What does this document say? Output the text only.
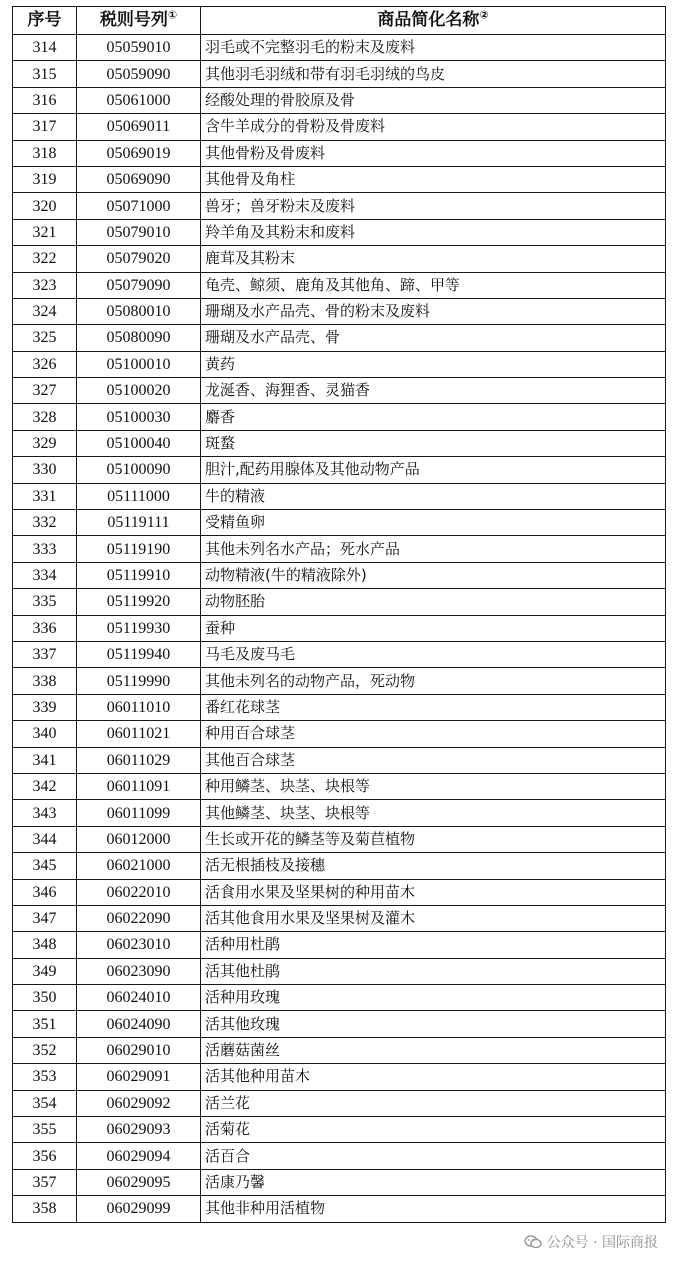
序号	税则号列①	商品简化名称②
314	05059010	羽毛或不完整羽毛的粉末及废料
315	05059090	其他羽毛羽绒和带有羽毛羽绒的鸟皮
316	05061000	经酸处理的骨胶原及骨
317	05069011	含牛羊成分的骨粉及骨废料
318	05069019	其他骨粉及骨废料
319	05069090	其他骨及角柱
320	05071000	兽牙；兽牙粉末及废料
321	05079010	羚羊角及其粉末和废料
322	05079020	鹿茸及其粉末
323	05079090	龟壳、鲸须、鹿角及其他角、蹄、甲等
324	05080010	珊瑚及水产品壳、骨的粉末及废料
325	05080090	珊瑚及水产品壳、骨
326	05100010	黄药
327	05100020	龙涎香、海狸香、灵猫香
328	05100030	麝香
329	05100040	斑蝥
330	05100090	胆汁,配药用腺体及其他动物产品
331	05111000	牛的精液
332	05119111	受精鱼卵
333	05119190	其他未列名水产品；死水产品
334	05119910	动物精液(牛的精液除外)
335	05119920	动物胚胎
336	05119930	蚕种
337	05119940	马毛及废马毛
338	05119990	其他未列名的动物产品，死动物
339	06011010	番红花球茎
340	06011021	种用百合球茎
341	06011029	其他百合球茎
342	06011091	种用鳞茎、块茎、块根等
343	06011099	其他鳞茎、块茎、块根等
344	06012000	生长或开花的鳞茎等及菊苣植物
345	06021000	活无根插枝及接穗
346	06022010	活食用水果及坚果树的种用苗木
347	06022090	活其他食用水果及坚果树及灌木
348	06023010	活种用杜鹃
349	06023090	活其他杜鹃
350	06024010	活种用玫瑰
351	06024090	活其他玫瑰
352	06029010	活蘑菇菌丝
353	06029091	活其他种用苗木
354	06029092	活兰花
355	06029093	活菊花
356	06029094	活百合
357	06029095	活康乃馨
358	06029099	其他非种用活植物
公众号 · 国际商报
